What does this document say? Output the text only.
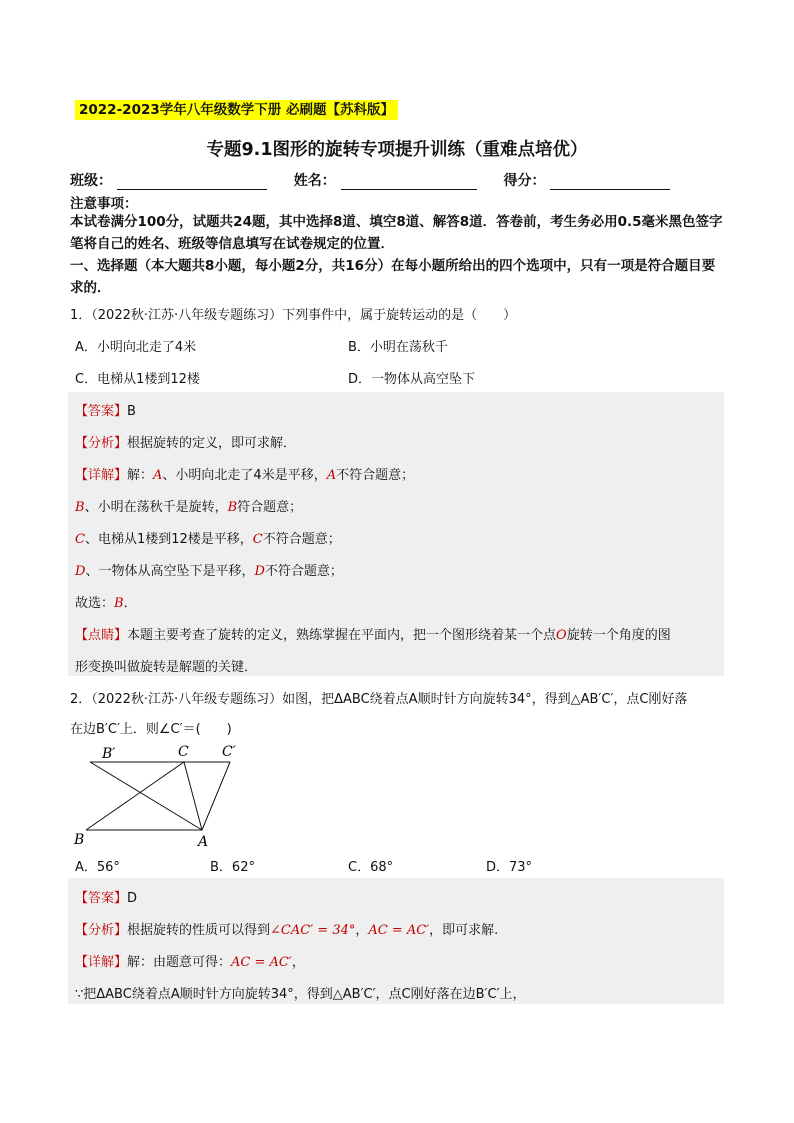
2022-2023学年八年级数学下册 必刷题【苏科版】
专题9.1图形的旋转专项提升训练（重难点培优）
班级：	姓名：	得分：
注意事项：
本试卷满分100分，试题共24题，其中选择8道、填空8道、解答8道．答卷前，考生务必用0.5毫米黑色签字笔将自己的姓名、班级等信息填写在试卷规定的位置．
一、选择题（本大题共8小题，每小题2分，共16分）在每小题所给出的四个选项中，只有一项是符合题目要求的．
1．（2022秋·江苏·八年级专题练习）下列事件中，属于旋转运动的是（　　）
A．小明向北走了4米	B．小明在荡秋千
C．电梯从1楼到12楼	D．一物体从高空坠下
【答案】B
【分析】根据旋转的定义，即可求解．
【详解】解：A、小明向北走了4米是平移，A不符合题意；
B、小明在荡秋千是旋转，B符合题意；
C、电梯从1楼到12楼是平移，C不符合题意；
D、一物体从高空坠下是平移，D不符合题意；
故选：B．
【点睛】本题主要考查了旋转的定义，熟练掌握在平面内，把一个图形绕着某一个点O旋转一个角度的图
形变换叫做旋转是解题的关键．
2．（2022秋·江苏·八年级专题练习）如图，把ΔABC绕着点A顺时针方向旋转34°，得到△AB′C′，点C刚好落
在边B′C′上．则∠C′＝(　　)
B′	C C′
B	A
A．56°	B．62°	C．68°	D．73°
【答案】D
【分析】根据旋转的性质可以得到∠CAC′ = 34°，AC = AC′，即可求解.
【详解】解：由题意可得：AC = AC′，
∵把ΔABC绕着点A顺时针方向旋转34°，得到△AB′C′，点C刚好落在边B′C′上，
